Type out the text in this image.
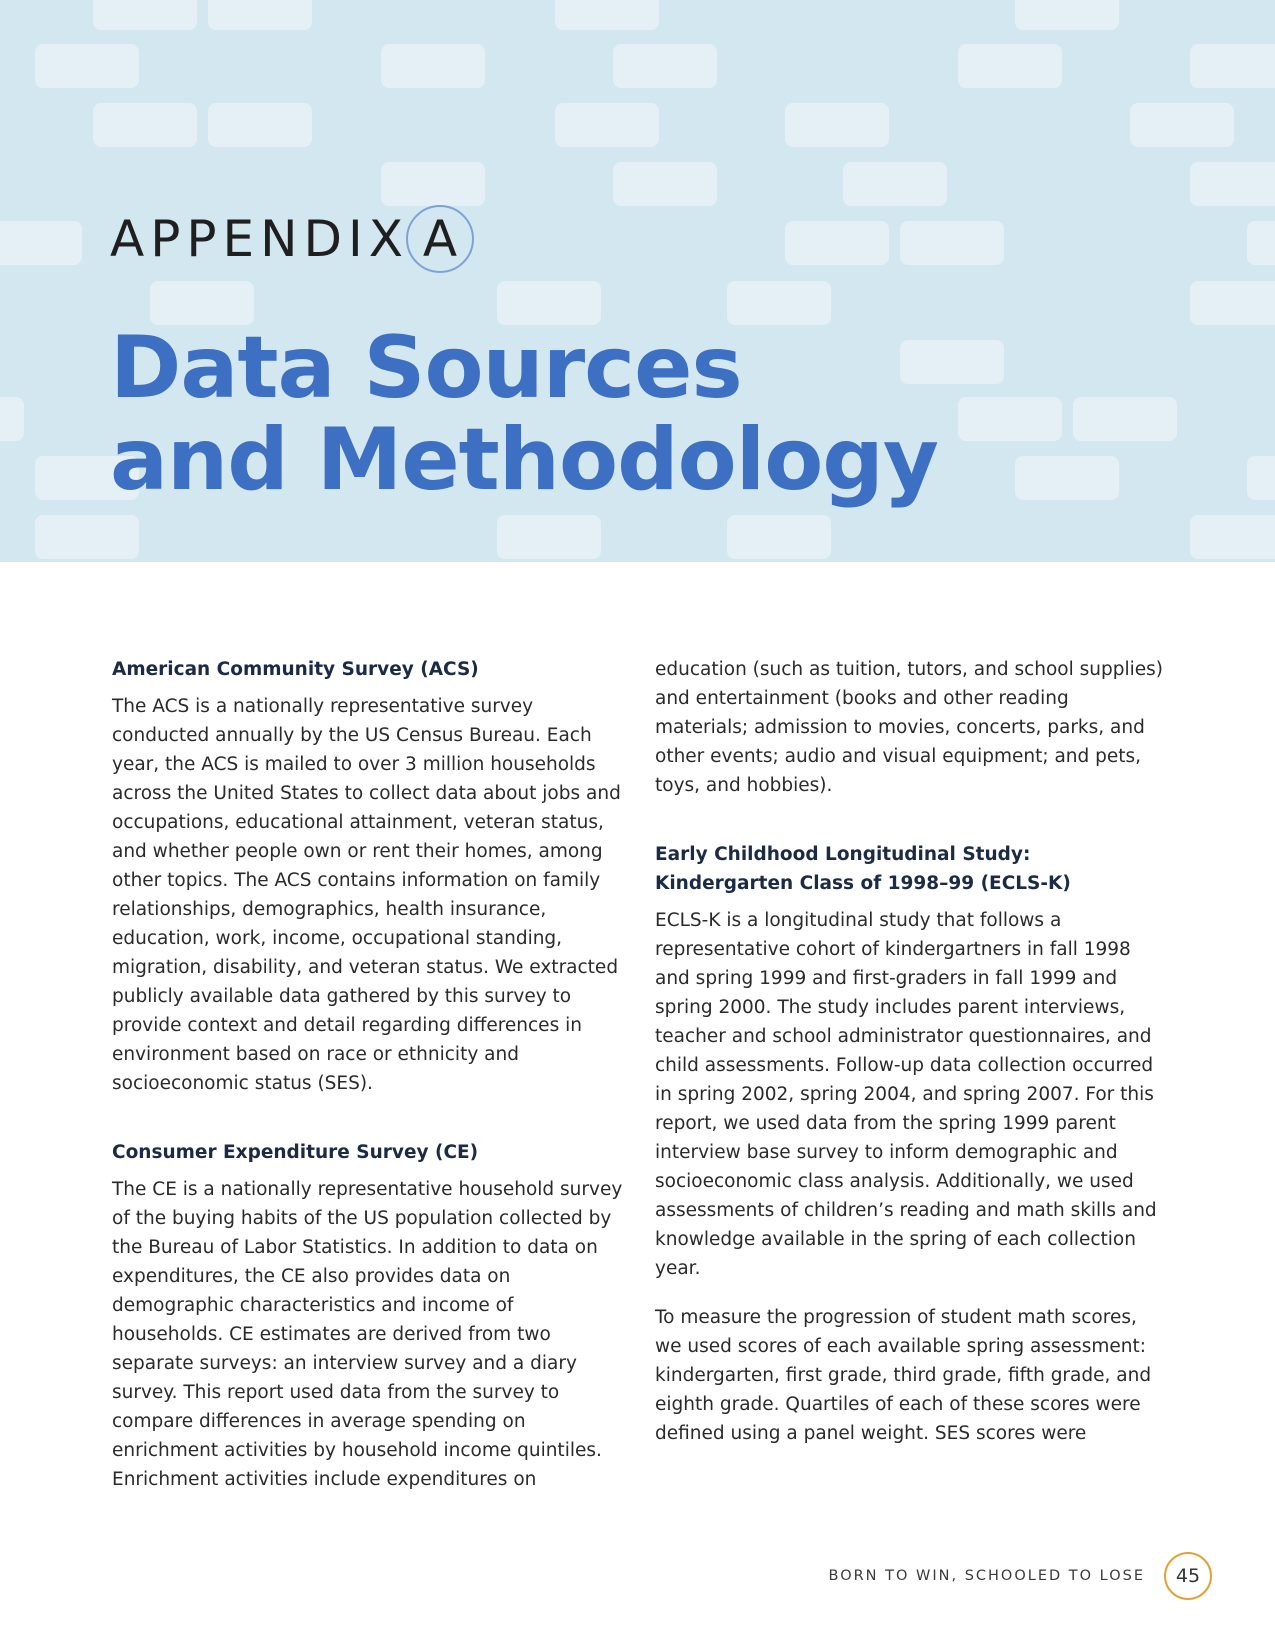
APPENDIX A
Data Sources
and Methodology
American Community Survey (ACS)

The ACS is a nationally representative survey conducted annually by the US Census Bureau. Each year, the ACS is mailed to over 3 million households across the United States to collect data about jobs and occupations, educational attainment, veteran status, and whether people own or rent their homes, among other topics. The ACS contains information on family relationships, demographics, health insurance, education, work, income, occupational standing, migration, disability, and veteran status. We extracted publicly available data gathered by this survey to provide context and detail regarding differences in environment based on race or ethnicity and socioeconomic status (SES).

Consumer Expenditure Survey (CE)

The CE is a nationally representative household survey of the buying habits of the US population collected by the Bureau of Labor Statistics. In addition to data on expenditures, the CE also provides data on demographic characteristics and income of households. CE estimates are derived from two separate surveys: an interview survey and a diary survey. This report used data from the survey to compare differences in average spending on enrichment activities by household income quintiles. Enrichment activities include expenditures on

education (such as tuition, tutors, and school supplies) and entertainment (books and other reading materials; admission to movies, concerts, parks, and other events; audio and visual equipment; and pets, toys, and hobbies).

Early Childhood Longitudinal Study: Kindergarten Class of 1998–99 (ECLS-K)

ECLS-K is a longitudinal study that follows a representative cohort of kindergartners in fall 1998 and spring 1999 and first-graders in fall 1999 and spring 2000. The study includes parent interviews, teacher and school administrator questionnaires, and child assessments. Follow-up data collection occurred in spring 2002, spring 2004, and spring 2007. For this report, we used data from the spring 1999 parent interview base survey to inform demographic and socioeconomic class analysis. Additionally, we used assessments of children’s reading and math skills and knowledge available in the spring of each collection year.

To measure the progression of student math scores, we used scores of each available spring assessment: kindergarten, first grade, third grade, fifth grade, and eighth grade. Quartiles of each of these scores were defined using a panel weight. SES scores were

BORN TO WIN, SCHOOLED TO LOSE	45
